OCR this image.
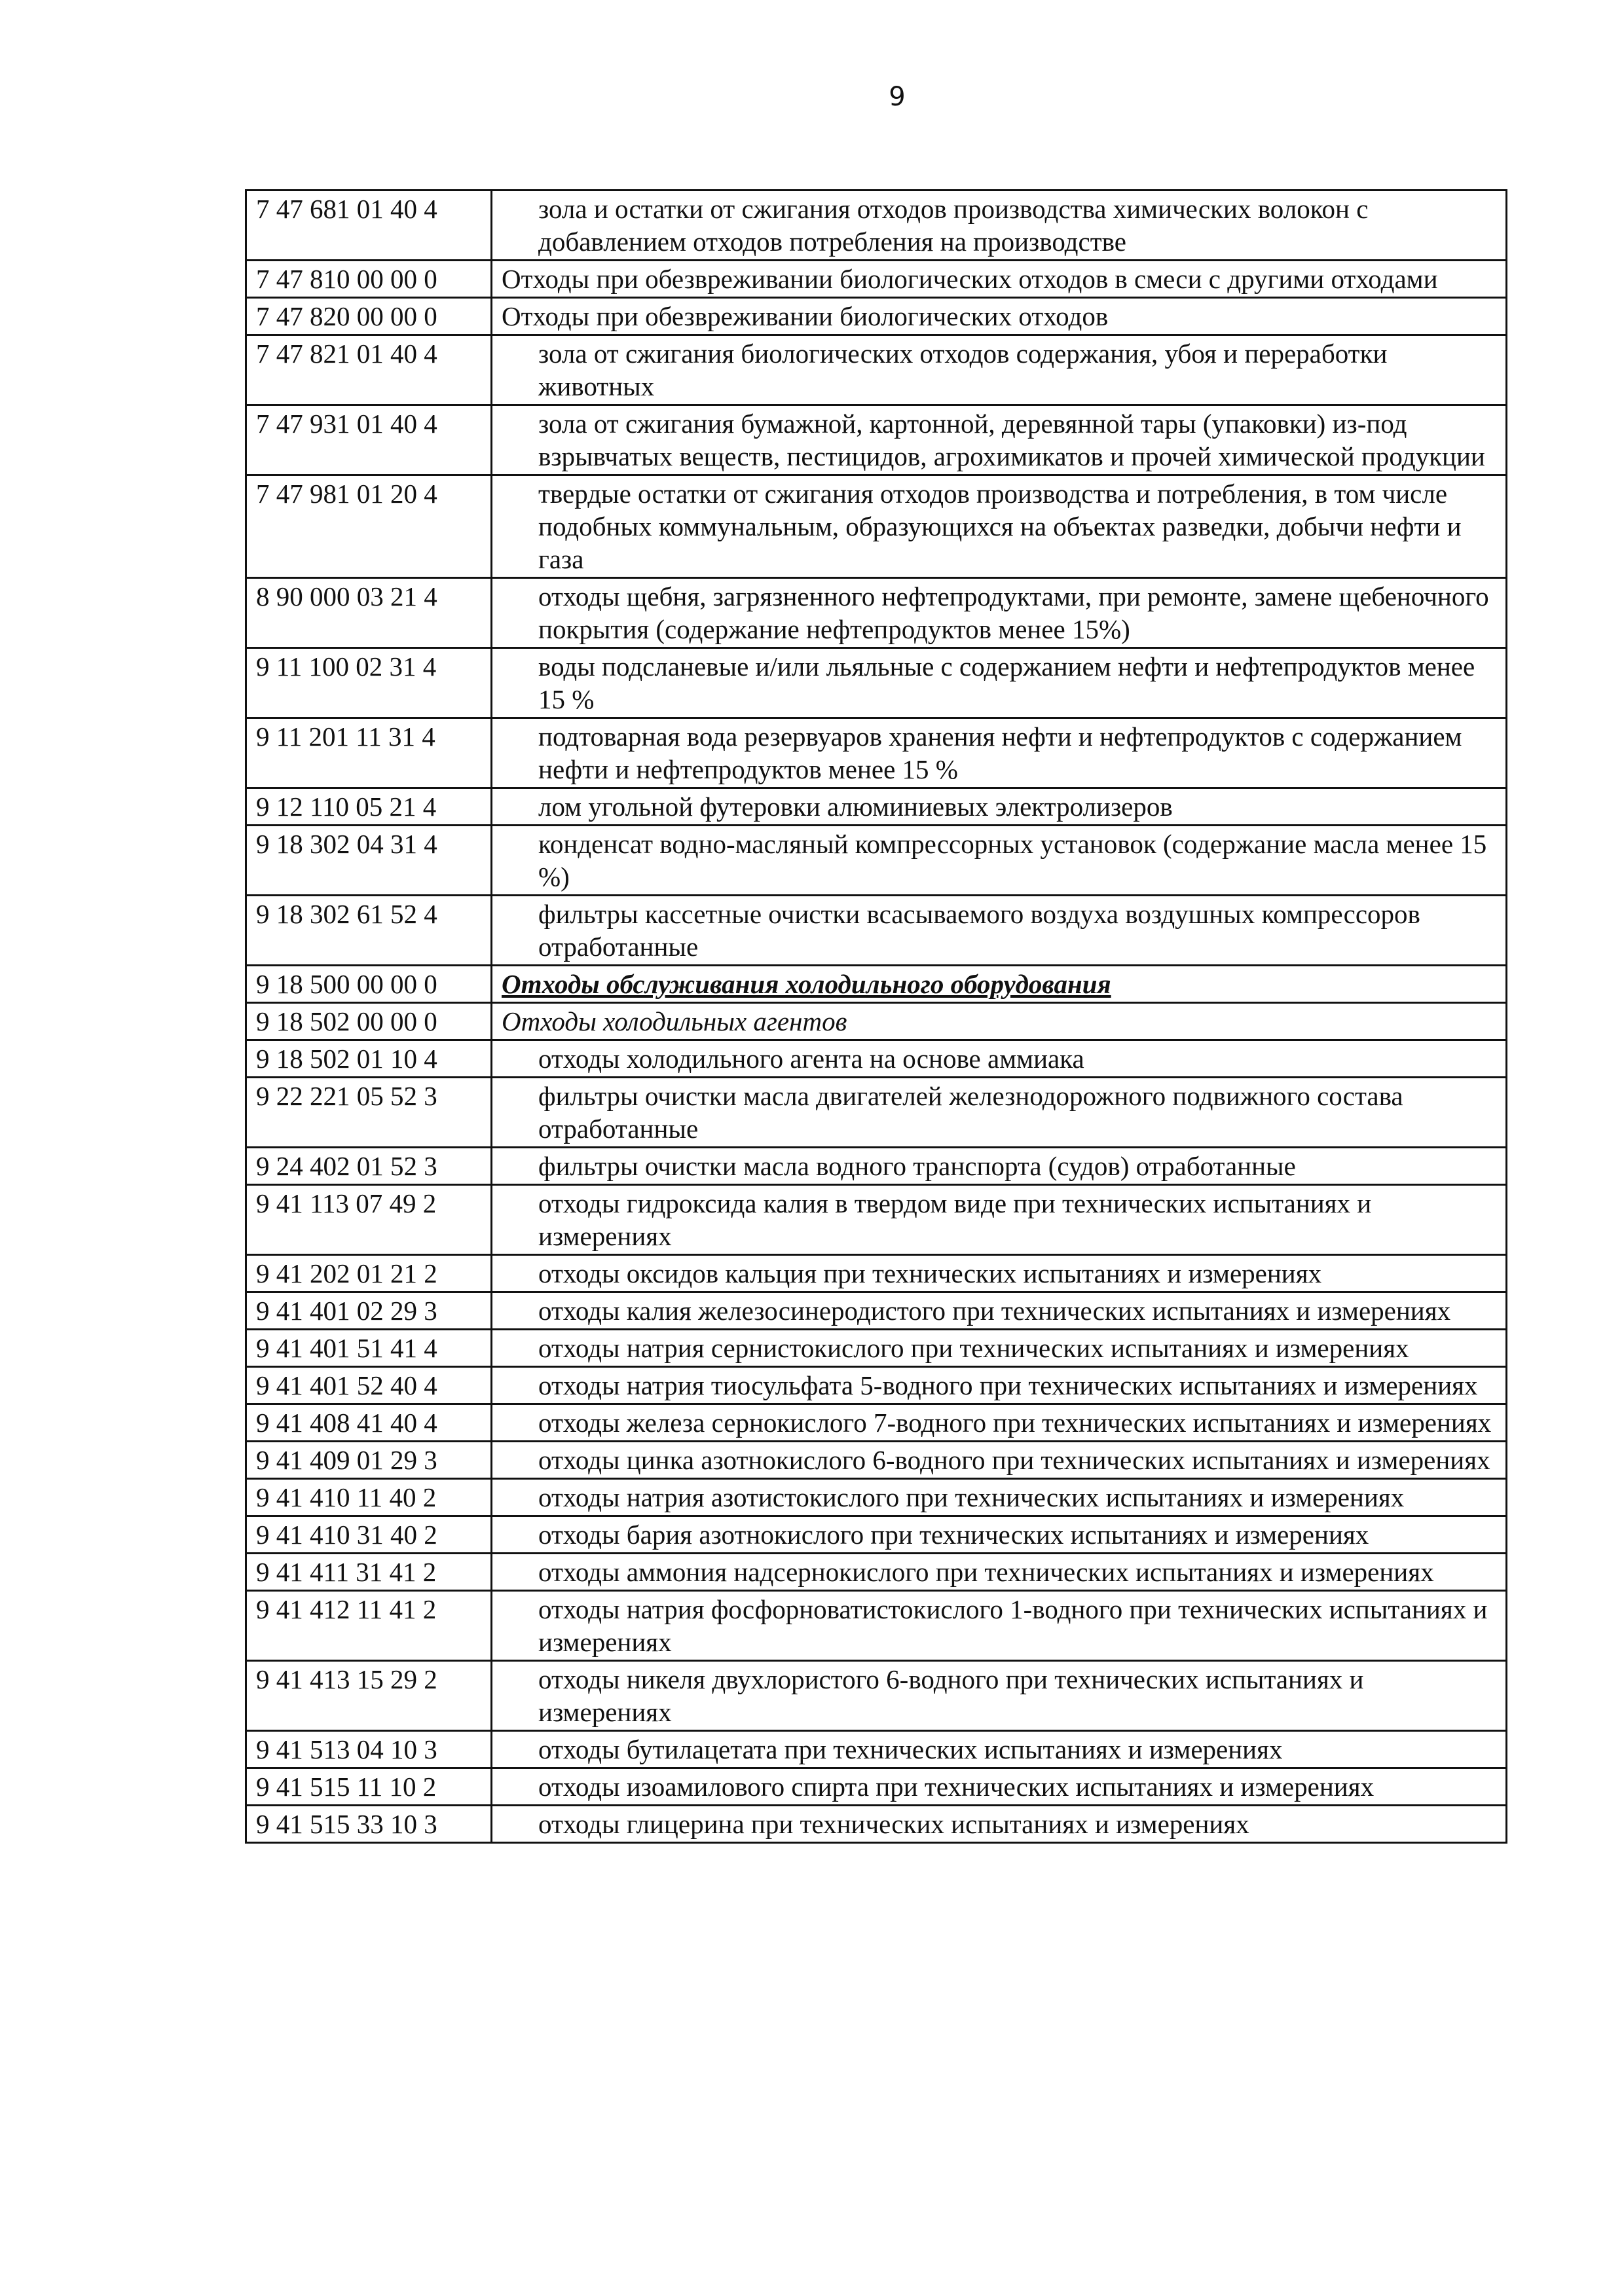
9
7 47 681 01 40 4	зола и остатки от сжигания отходов производства химических волокон с добавлением отходов потребления на производстве
7 47 810 00 00 0	Отходы при обезвреживании биологических отходов в смеси с другими отходами
7 47 820 00 00 0	Отходы при обезвреживании биологических отходов
7 47 821 01 40 4	зола от сжигания биологических отходов содержания, убоя и переработки животных
7 47 931 01 40 4	зола от сжигания бумажной, картонной, деревянной тары (упаковки) из-под взрывчатых веществ, пестицидов, агрохимикатов и прочей химической продукции
7 47 981 01 20 4	твердые остатки от сжигания отходов производства и потребления, в том числе подобных коммунальным, образующихся на объектах разведки, добычи нефти и газа
8 90 000 03 21 4	отходы щебня, загрязненного нефтепродуктами, при ремонте, замене щебеночного покрытия (содержание нефтепродуктов менее 15%)
9 11 100 02 31 4	воды подсланевые и/или льяльные с содержанием нефти и нефтепродуктов менее 15 %
9 11 201 11 31 4	подтоварная вода резервуаров хранения нефти и нефтепродуктов с содержанием нефти и нефтепродуктов менее 15 %
9 12 110 05 21 4	лом угольной футеровки алюминиевых электролизеров
9 18 302 04 31 4	конденсат водно-масляный компрессорных установок (содержание масла менее 15 %)
9 18 302 61 52 4	фильтры кассетные очистки всасываемого воздуха воздушных компрессоров отработанные
9 18 500 00 00 0	Отходы обслуживания холодильного оборудования
9 18 502 00 00 0	Отходы холодильных агентов
9 18 502 01 10 4	отходы холодильного агента на основе аммиака
9 22 221 05 52 3	фильтры очистки масла двигателей железнодорожного подвижного состава отработанные
9 24 402 01 52 3	фильтры очистки масла водного транспорта (судов) отработанные
9 41 113 07 49 2	отходы гидроксида калия в твердом виде при технических испытаниях и измерениях
9 41 202 01 21 2	отходы оксидов кальция при технических испытаниях и измерениях
9 41 401 02 29 3	отходы калия железосинеродистого при технических испытаниях и измерениях
9 41 401 51 41 4	отходы натрия сернистокислого при технических испытаниях и измерениях
9 41 401 52 40 4	отходы натрия тиосульфата 5-водного при технических испытаниях и измерениях
9 41 408 41 40 4	отходы железа сернокислого 7-водного при технических испытаниях и измерениях
9 41 409 01 29 3	отходы цинка азотнокислого 6-водного при технических испытаниях и измерениях
9 41 410 11 40 2	отходы натрия азотистокислого при технических испытаниях и измерениях
9 41 410 31 40 2	отходы бария азотнокислого при технических испытаниях и измерениях
9 41 411 31 41 2	отходы аммония надсернокислого при технических испытаниях и измерениях
9 41 412 11 41 2	отходы натрия фосфорноватистокислого 1-водного при технических испытаниях и измерениях
9 41 413 15 29 2	отходы никеля двухлористого 6-водного при технических испытаниях и измерениях
9 41 513 04 10 3	отходы бутилацетата при технических испытаниях и измерениях
9 41 515 11 10 2	отходы изоамилового спирта при технических испытаниях и измерениях
9 41 515 33 10 3	отходы глицерина при технических испытаниях и измерениях
